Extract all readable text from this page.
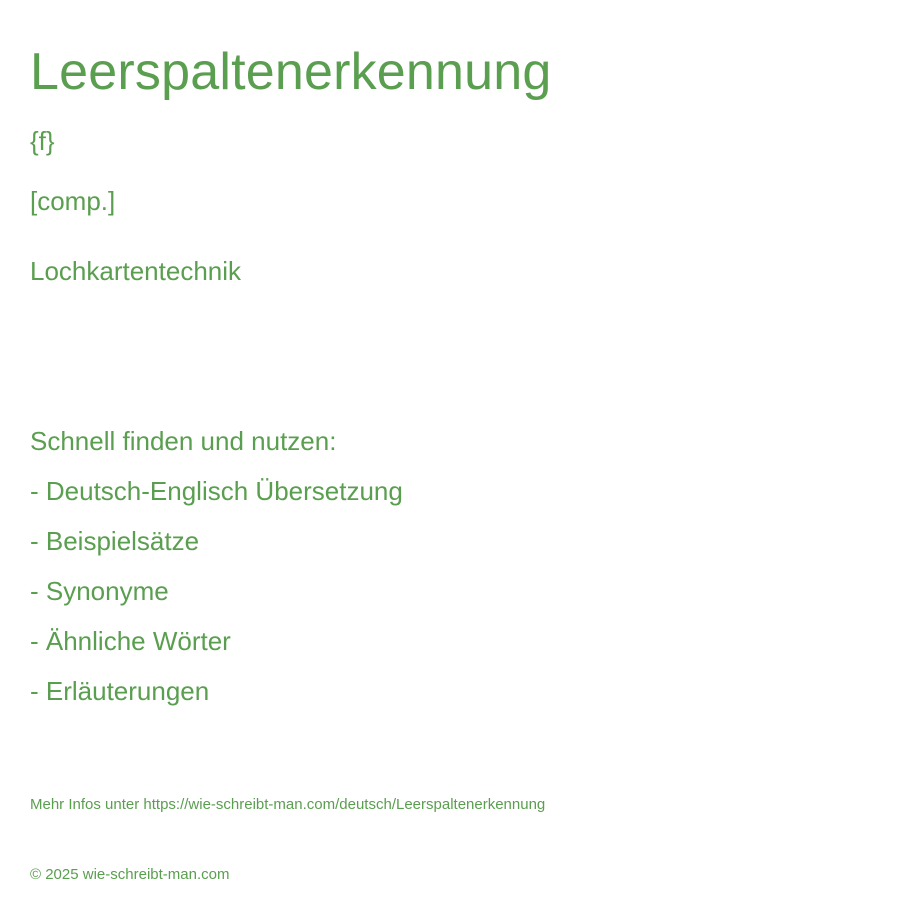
Leerspaltenerkennung
{f}
[comp.]
Lochkartentechnik
Schnell finden und nutzen:
- Deutsch-Englisch Übersetzung
- Beispielsätze
- Synonyme
- Ähnliche Wörter
- Erläuterungen
Mehr Infos unter https://wie-schreibt-man.com/deutsch/Leerspaltenerkennung
© 2025 wie-schreibt-man.com
